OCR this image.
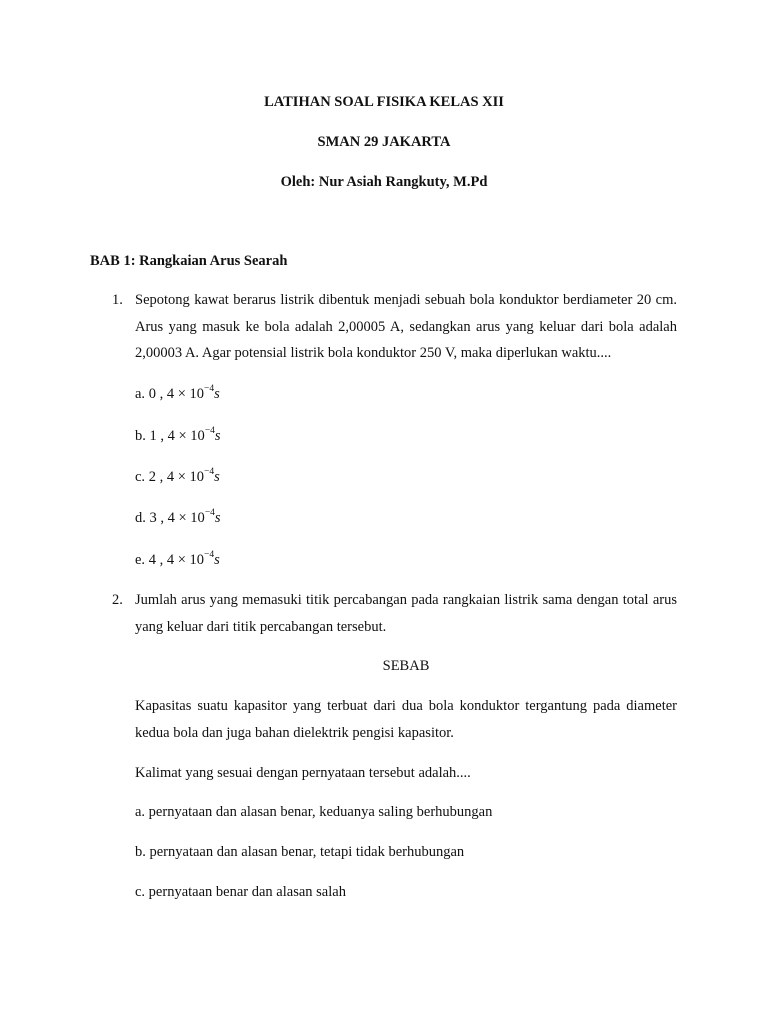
LATIHAN SOAL FISIKA KELAS XII
SMAN 29 JAKARTA
Oleh: Nur Asiah Rangkuty, M.Pd
BAB 1: Rangkaian Arus Searah
1. Sepotong kawat berarus listrik dibentuk menjadi sebuah bola konduktor berdiameter 20 cm. Arus yang masuk ke bola adalah 2,00005 A, sedangkan arus yang keluar dari bola adalah 2,00003 A. Agar potensial listrik bola konduktor 250 V, maka diperlukan waktu....
a. 0 , $4 \times 10^{-4}s$
b. 1 , $4 \times 10^{-4}s$
c. 2 , $4 \times 10^{-4}s$
d. 3 , $4 \times 10^{-4}s$
e. 4 , $4 \times 10^{-4}s$
2. Jumlah arus yang memasuki titik percabangan pada rangkaian listrik sama dengan total arus yang keluar dari titik percabangan tersebut.
SEBAB
Kapasitas suatu kapasitor yang terbuat dari dua bola konduktor tergantung pada diameter kedua bola dan juga bahan dielektrik pengisi kapasitor.
Kalimat yang sesuai dengan pernyataan tersebut adalah....
a. pernyataan dan alasan benar, keduanya saling berhubungan
b. pernyataan dan alasan benar, tetapi tidak berhubungan
c. pernyataan benar dan alasan salah
